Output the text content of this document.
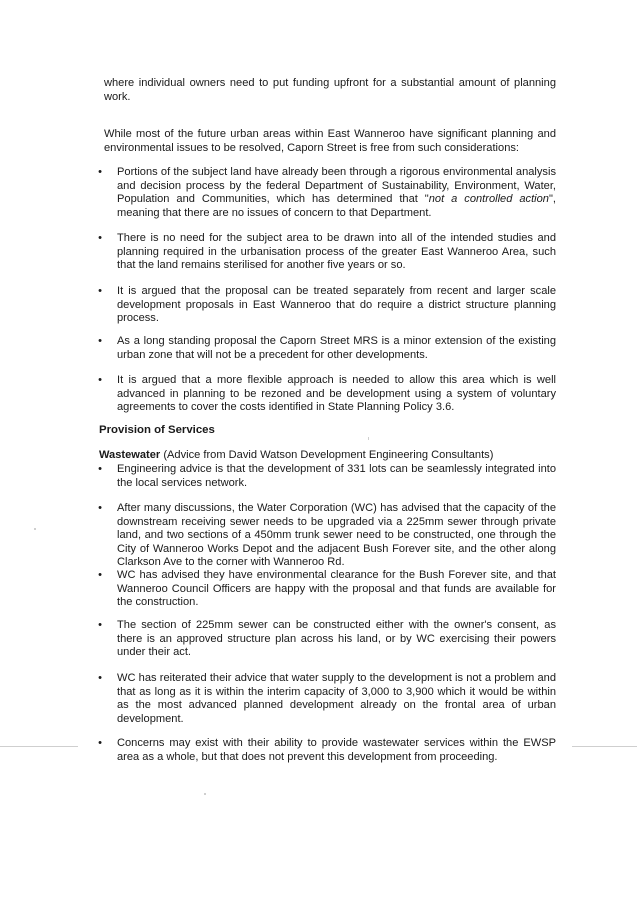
where individual owners need to put funding upfront for a substantial amount of planning work.

While most of the future urban areas within East Wanneroo have significant planning and environmental issues to be resolved, Caporn Street is free from such considerations:

• Portions of the subject land have already been through a rigorous environmental analysis and decision process by the federal Department of Sustainability, Environment, Water, Population and Communities, which has determined that "not a controlled action", meaning that there are no issues of concern to that Department.

• There is no need for the subject area to be drawn into all of the intended studies and planning required in the urbanisation process of the greater East Wanneroo Area, such that the land remains sterilised for another five years or so.

• It is argued that the proposal can be treated separately from recent and larger scale development proposals in East Wanneroo that do require a district structure planning process.

• As a long standing proposal the Caporn Street MRS is a minor extension of the existing urban zone that will not be a precedent for other developments.

• It is argued that a more flexible approach is needed to allow this area which is well advanced in planning to be rezoned and be development using a system of voluntary agreements to cover the costs identified in State Planning Policy 3.6.

Provision of Services

Wastewater (Advice from David Watson Development Engineering Consultants)

• Engineering advice is that the development of 331 lots can be seamlessly integrated into the local services network.

• After many discussions, the Water Corporation (WC) has advised that the capacity of the downstream receiving sewer needs to be upgraded via a 225mm sewer through private land, and two sections of a 450mm trunk sewer need to be constructed, one through the City of Wanneroo Works Depot and the adjacent Bush Forever site, and the other along Clarkson Ave to the corner with Wanneroo Rd.

• WC has advised they have environmental clearance for the Bush Forever site, and that Wanneroo Council Officers are happy with the proposal and that funds are available for the construction.

• The section of 225mm sewer can be constructed either with the owner's consent, as there is an approved structure plan across his land, or by WC exercising their powers under their act.

• WC has reiterated their advice that water supply to the development is not a problem and that as long as it is within the interim capacity of 3,000 to 3,900 which it would be within as the most advanced planned development already on the frontal area of urban development.

• Concerns may exist with their ability to provide wastewater services within the EWSP area as a whole, but that does not prevent this development from proceeding.
